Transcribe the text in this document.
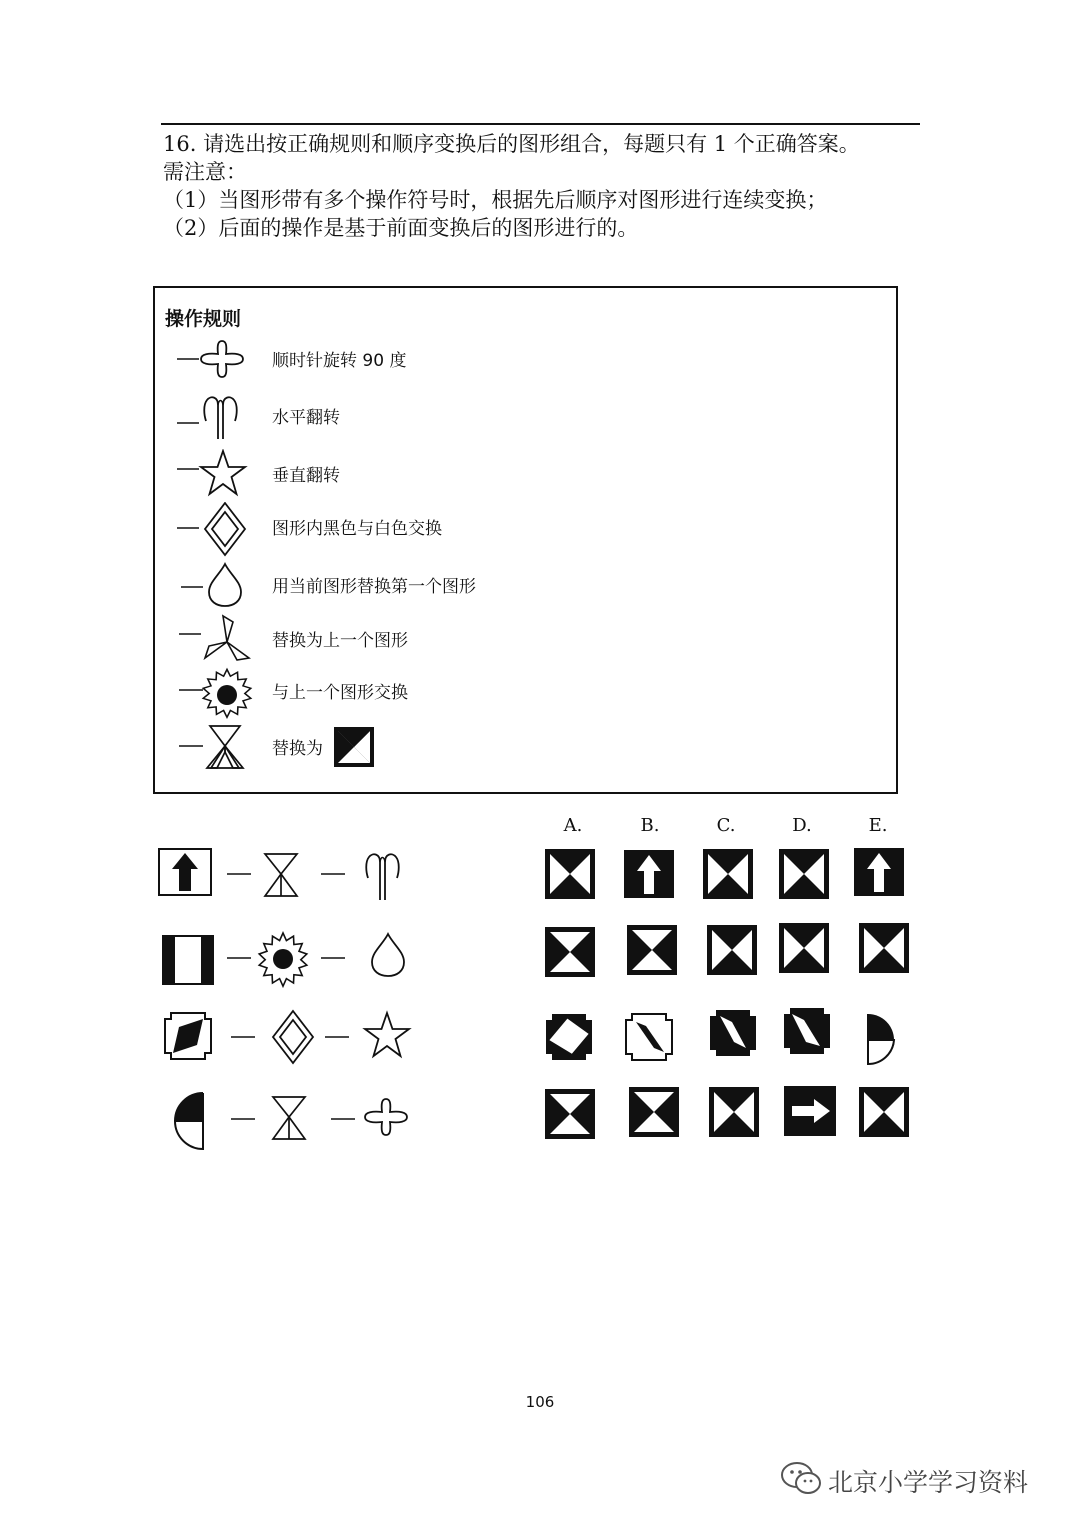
16. 请选出按正确规则和顺序变换后的图形组合，每题只有 1 个正确答案。
需注意：
（1）当图形带有多个操作符号时，根据先后顺序对图形进行连续变换；
（2）后面的操作是基于前面变换后的图形进行的。
操作规则
顺时针旋转 90 度
水平翻转
垂直翻转
图形内黑色与白色交换
用当前图形替换第一个图形
替换为上一个图形
与上一个图形交换
替换为
A.	B.	C.	D.	E.
106
北京小学学习资料
